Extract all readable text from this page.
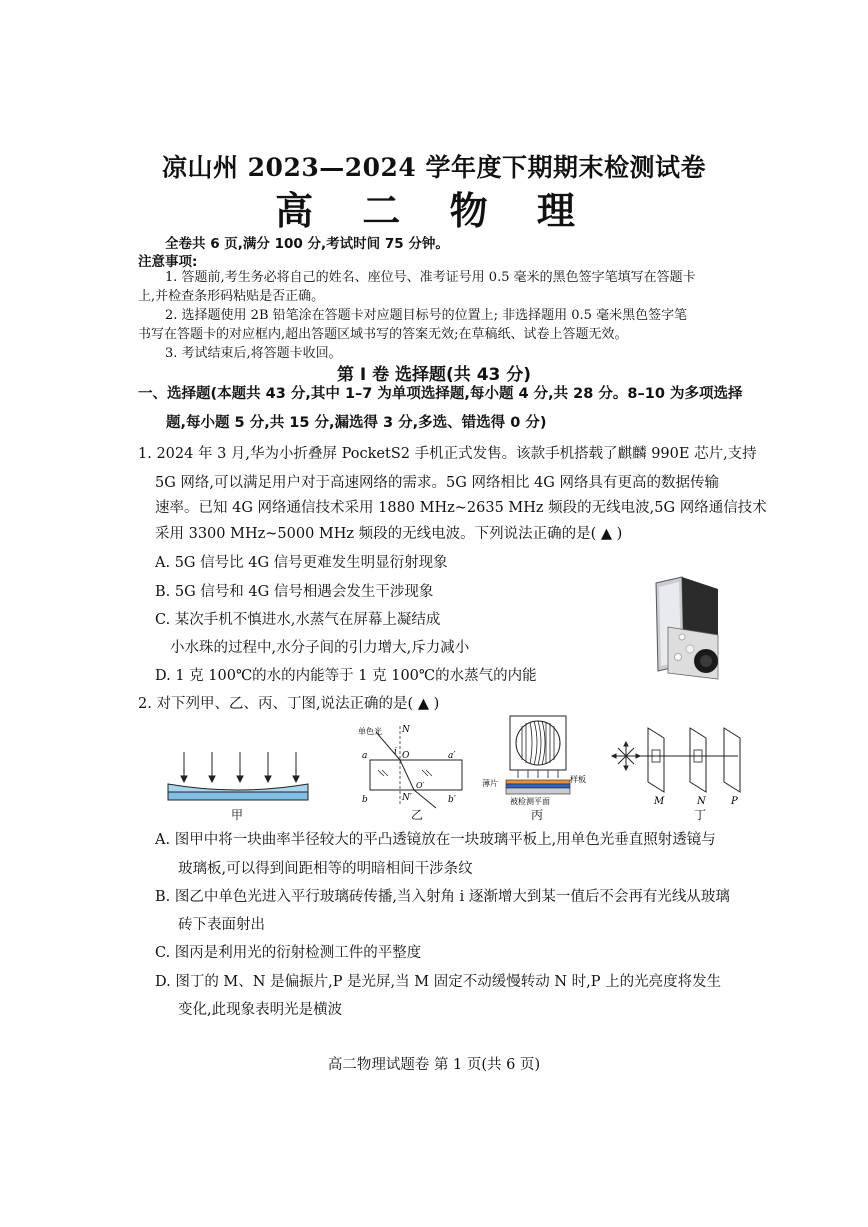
凉山州 2023—2024 学年度下期期末检测试卷
高 二 物 理
全卷共 6 页,满分 100 分,考试时间 75 分钟。
注意事项:
1. 答题前,考生务必将自己的姓名、座位号、准考证号用 0.5 毫米的黑色签字笔填写在答题卡
上,并检查条形码粘贴是否正确。
2. 选择题使用 2B 铅笔涂在答题卡对应题目标号的位置上; 非选择题用 0.5 毫米黑色签字笔
书写在答题卡的对应框内,超出答题区域书写的答案无效;在草稿纸、试卷上答题无效。
3. 考试结束后,将答题卡收回。
第 Ⅰ 卷 选择题(共 43 分)
一、选择题(本题共 43 分,其中 1–7 为单项选择题,每小题 4 分,共 28 分。8–10 为多项选择
题,每小题 5 分,共 15 分,漏选得 3 分,多选、错选得 0 分)
1. 2024 年 3 月,华为小折叠屏 PocketS2 手机正式发售。该款手机搭载了麒麟 990E 芯片,支持
5G 网络,可以满足用户对于高速网络的需求。5G 网络相比 4G 网络具有更高的数据传输
速率。已知 4G 网络通信技术采用 1880 MHz~2635 MHz 频段的无线电波,5G 网络通信技术
采用 3300 MHz~5000 MHz 频段的无线电波。下列说法正确的是( ▲ )
A. 5G 信号比 4G 信号更难发生明显衍射现象
B. 5G 信号和 4G 信号相遇会发生干涉现象
C. 某次手机不慎进水,水蒸气在屏幕上凝结成
小水珠的过程中,水分子间的引力增大,斥力减小
D. 1 克 100℃的水的内能等于 1 克 100℃的水蒸气的内能
2. 对下列甲、乙、丙、丁图,说法正确的是( ▲ )
甲
单色光 N
i O
a	a′
b	b′
N′
O′
乙
薄片	样板
被检测平面
丙
M	N	P
丁
A. 图甲中将一块曲率半径较大的平凸透镜放在一块玻璃平板上,用单色光垂直照射透镜与
玻璃板,可以得到间距相等的明暗相间干涉条纹
B. 图乙中单色光进入平行玻璃砖传播,当入射角 i 逐渐增大到某一值后不会再有光线从玻璃
砖下表面射出
C. 图丙是利用光的衍射检测工件的平整度
D. 图丁的 M、N 是偏振片,P 是光屏,当 M 固定不动缓慢转动 N 时,P 上的光亮度将发生
变化,此现象表明光是横波
高二物理试题卷 第 1 页(共 6 页)
